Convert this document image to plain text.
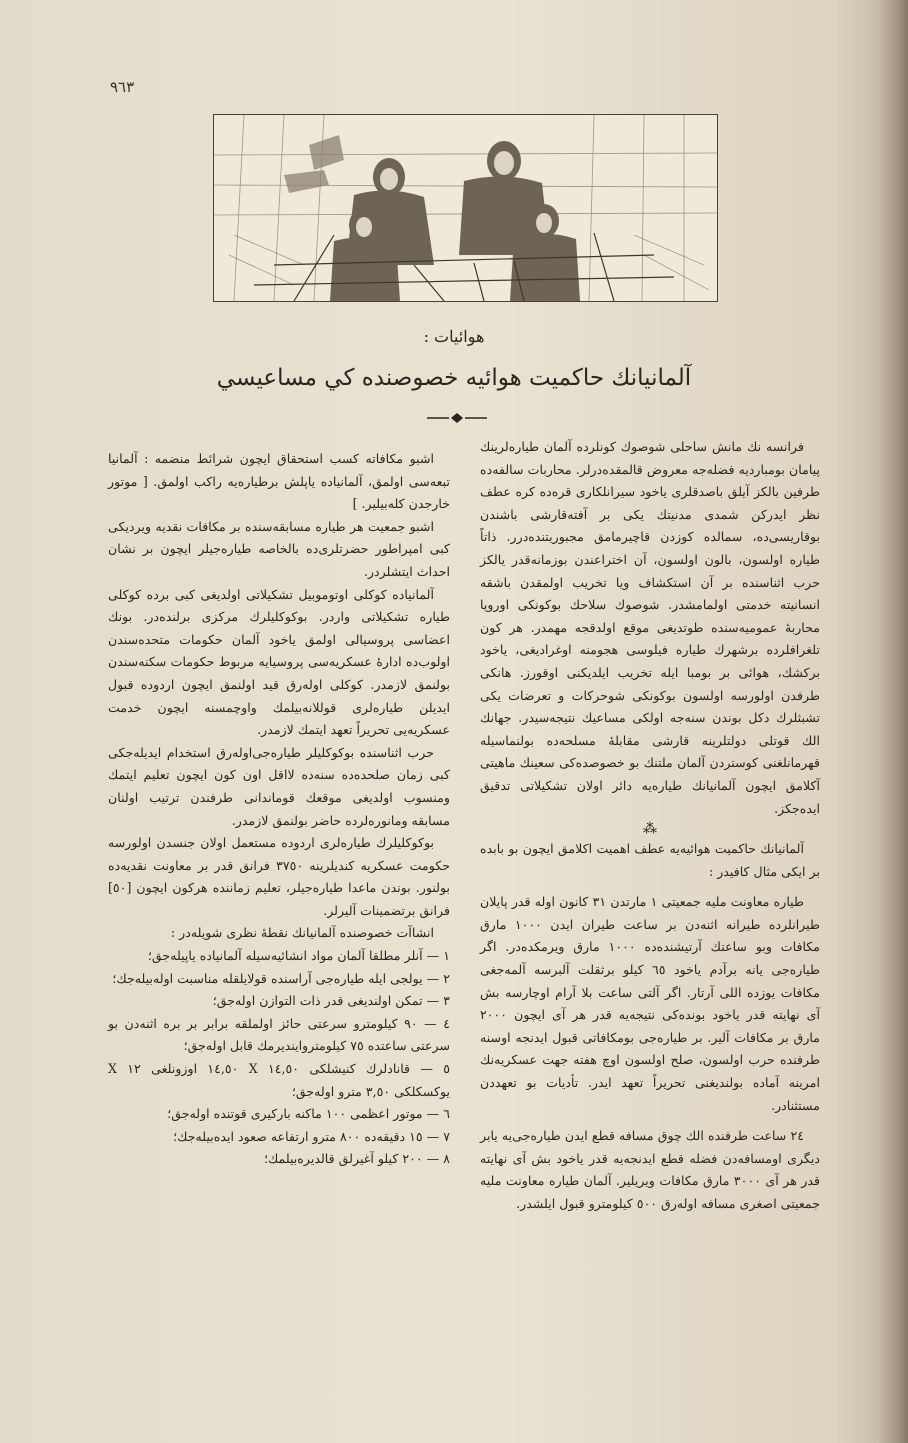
٩٦٣
هوائيات :
آلمانيانك حاكميت هوائيه خصوصنده كي مساعيسي

فرانسه نك مانش ساحلی شوصوك كونلرده آلمان طياره‌لرينك پیامان بومبارديه فضله‌جه معروض قالمقده‌درلر. محاربات سالفه‌ده طرفين بالكز آيلق باصدقلری ياخود سيرانلكاری قره‌ده كره عطف نظر ايدركن شمدی مدنيتك يكی بر آفته‌قارشی باشندن بوقاریسی‌ده، سمالده كوزدن قاچيرمامق مجبوريتنده‌درر. ذاتاً طياره اولسون، بالون اولسون، آن اختراعندن بوزمانه‌قدر يالكز حرب اثناسنده بر آن استكشاف ويا تخريب اولمقدن باشقه انسانيته خدمتی اولمامشدر. شوصوك سلاحك بوكونكی اوروپا محاربهٔ عموميه‌سنده طوتديغی موقع اولدقجه مهمدر. هر كون تلغرافلرده برشهرك طياره فيلوسی هجومنه اوغراديغی، ياخود بركشك، هوائی بر بومبا ايله تخريب ايلديكنی اوقورز. هانكی طرفدن اولورسه اولسون بوكونكی شوحركات و تعرضات يكی تشبثلرك دكل بوندن سنه‌جه اولكی مساعيك نتيجه‌سيدر. جهانك الك قوتلی دولتلرينه قارشی مقابلهٔ مسلحه‌ده بولنماسيله قهرمانلغنی كوستردن آلمان ملتنك بو خصوصده‌كی سعينك ماهيتی آكلامق ايچون آلمانيانك طياره‌يه دائر اولان تشكيلاتی تدقيق ايده‌جكز.

⁂

آلمانيانك حاكميت هوائيه‌يه عطف اهميت اكلامق ايچون بو بابده بر ايكی مثال كافيدر :

طياره معاونت مليه جمعيتی ١ مارتدن ٣١ كانون اوله قدر پايلان طيرانلرده طيرانه اثنه‌دن بر ساعت طيران ايدن ١٠٠٠ مارق مكافات وبو ساعتك آرتيشنده‌ده ١٠٠٠ مارق ويرمكده‌در. اگر طياره‌جی يانه برآدم ياخود ٦٥ كيلو برثقلت آلبرسه آلمه‌جغی مكافات يوزده اللی آرتار. اگر آلتی ساعت بلا آرام اوچارسه بش آی نهايته قدر ياخود بونده‌كی نتيجه‌يه قدر هر آی ايچون ٢٠٠٠ مارق بر مكافات آلير. بر طياره‌جی بومكافاتی قبول ايدنجه اوسنه طرفنده حرب اولسون، صلح اولسون اوچ هفته جهت عسكريه‌نك امرينه آماده بولنديغنی تحريراً تعهد ايدر. تأديات بو تعهددن مستثنادر.

٢٤ ساعت طرفنده الك چوق مسافه قطع ايدن طياره‌جی‌يه يابر ديگری اومسافه‌دن فضله قطع ايدنجه‌يه قدر ياخود بش آی نهايته قدر هر آی ٣٠٠٠ مارق مكافات ويريلير. آلمان طياره معاونت مليه جمعيتی اصغری مسافه اوله‌رق ٥٠٠ كيلومترو قبول ايلشدر.

اشبو مكافاته كسب استحقاق ايچون شرائط منضمه : آلمانيا تبعه‌سی اولمق، آلمانياده ياپلش برطياره‌يه راكب اولمق. [ موتور خارجدن كله‌بيلير. ]

اشبو جمعيت هر طياره مسابقه‌سنده بر مكافات نقديه ويرديكی كبی امپراطور حضرتلری‌ده بالخاصه طياره‌جيلر ايچون بر نشان احداث ايتشلردر.

آلمانياده كوكلی اوتوموبيل تشكيلاتی اولديغی كبی برده كوكلی طياره تشكيلاتی واردر. بوكوكليلرك مركزی برلنده‌در. بونك اعضاسی پروسيالی اولمق ياخود آلمان حكومات متحده‌سندن اولوب‌ده ادارهٔ عسكريه‌سی پروسيايه مربوط حكومات سكنه‌سندن بولنمق لازمدر. كوكلی اوله‌رق قيد اولنمق ايچون اردوده قبول ايديلن طياره‌لری قوللانه‌بيلمك واوچمسنه ايچون خدمت عسكريه‌يی تحريراً تعهد ايتمك لازمدر.

حرب اثناسنده بوكوكليلر طياره‌جی‌اوله‌رق استخدام ايديله‌جكی كبی زمان صلحده‌ده سنه‌ده لااقل اون كون ايچون تعليم ايتمك ومنسوب اولديغی موقعك قوماندانی طرفندن ترتيب اولنان مسابقه ومانوره‌لرده حاضر بولنمق لازمدر.

بوكوكليلرك طياره‌لری اردوده مستعمل اولان جنسدن اولورسه حكومت عسكريه كنديلرينه ٣٧٥٠ فرانق قدر بر معاونت نقديه‌ده بولنور. بوندن ماعدا طياره‌جيلر، تعليم زماننده هركون ايچون [٥٠] فرانق برتضمينات آليرلر.

انشاآت خصوصنده آلمانيانك نقطهٔ نظری شويله‌در :

١ — آنلر مطلقا آلمان مواد انشائيه‌سيله آلمانياده ياپيله‌جق؛

٢ — يولجی ايله طياره‌جی آراسنده قولايلقله مناسبت اوله‌بيله‌جك؛

٣ — تمكن اولنديغی قدر ذات التوازن اوله‌جق؛

٤ — ٩٠ كيلومترو سرعتی حائز اولملقه برابر بر بره اثنه‌دن بو سرعتی ساعتده ٧٥ كيلومترواينديرمك قابل اوله‌جق؛

٥ — قانادلرك كنيشلكی ١٤,٥٠ X ١٤,٥٠ اوزونلغی ١٢ X يوكسكلكی ٣,٥٠ مترو اوله‌جق؛

٦ — موتور اعظمی ١٠٠ ماكنه باركيری قوتنده اوله‌جق؛

٧ — ١٥ دقيقه‌ده ٨٠٠ مترو ارتفاعه صعود ايده‌بيله‌جك؛

٨ — ٢٠٠ كيلو آغيرلق قالديره‌بيلمك؛
